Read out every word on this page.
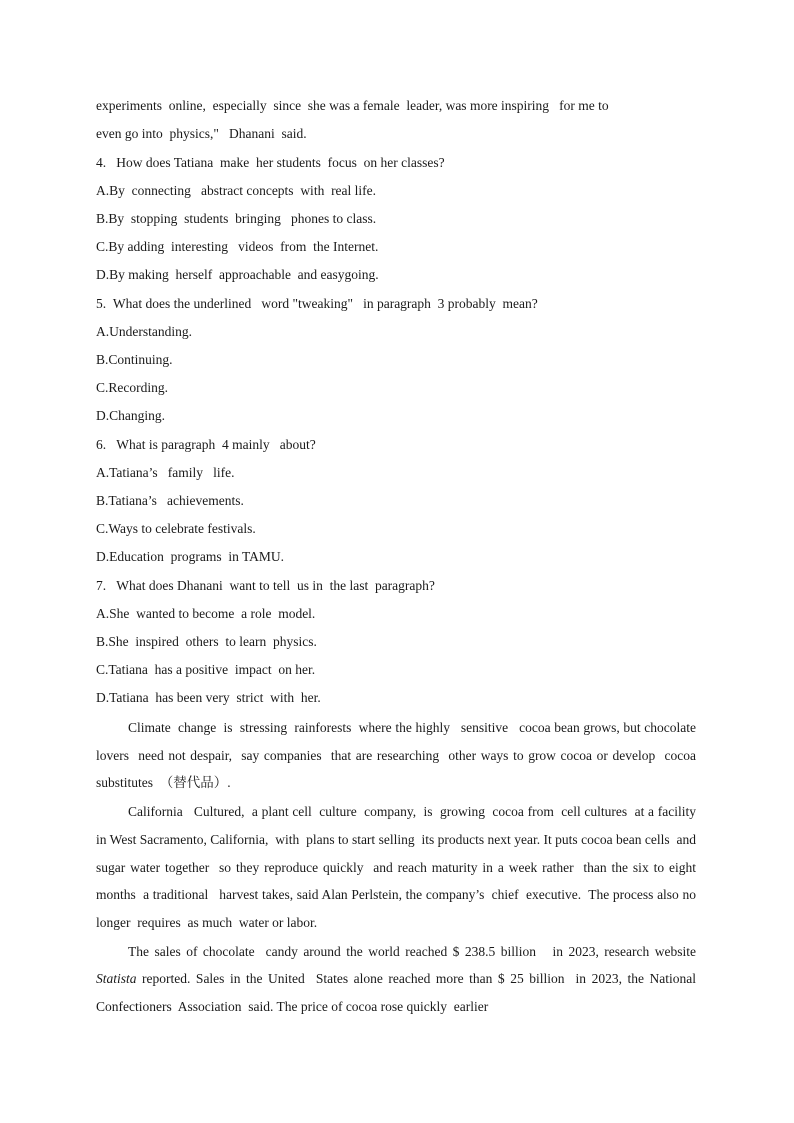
experiments  online,  especially  since  she was a female  leader, was more inspiring   for me to
even go into  physics,"   Dhanani  said.
4. How does Tatiana  make  her students  focus  on her classes?
A.By  connecting   abstract concepts  with  real life.
B.By  stopping  students  bringing   phones to class.
C.By adding  interesting   videos  from  the Internet.
D.By making  herself  approachable  and easygoing.
5. What does the underlined   word "tweaking"   in paragraph  3 probably  mean?
A.Understanding.
B.Continuing.
C.Recording.
D.Changing.
6. What is paragraph  4 mainly   about?
A.Tatiana’s   family   life.
B.Tatiana’s   achievements.
C.Ways to celebrate festivals.
D.Education  programs  in TAMU.
7. What does Dhanani  want to tell  us in  the last  paragraph?
A.She  wanted to become  a role  model.
B.She  inspired  others  to learn  physics.
C.Tatiana  has a positive  impact  on her.
D.Tatiana  has been very  strict  with  her.

Climate  change  is  stressing  rainforests  where the highly   sensitive   cocoa bean grows, but chocolate  lovers  need not despair,  say companies  that are researching  other ways to grow cocoa or develop  cocoa substitutes  （替代品）.

California   Cultured,  a plant cell  culture  company,  is  growing  cocoa from  cell cultures  at a facility   in West Sacramento, California,  with  plans to start selling  its products next year. It puts cocoa bean cells  and sugar water together  so they reproduce quickly  and reach maturity in a week rather  than the six to eight  months  a traditional   harvest takes, said Alan Perlstein, the company’s  chief  executive.  The process also no longer  requires  as much  water or labor.

The sales of chocolate  candy around the world reached $ 238.5 billion   in 2023, research website Statista reported. Sales in the United  States alone reached more than $ 25 billion  in 2023, the National  Confectioners  Association  said. The price of cocoa rose quickly  earlier
